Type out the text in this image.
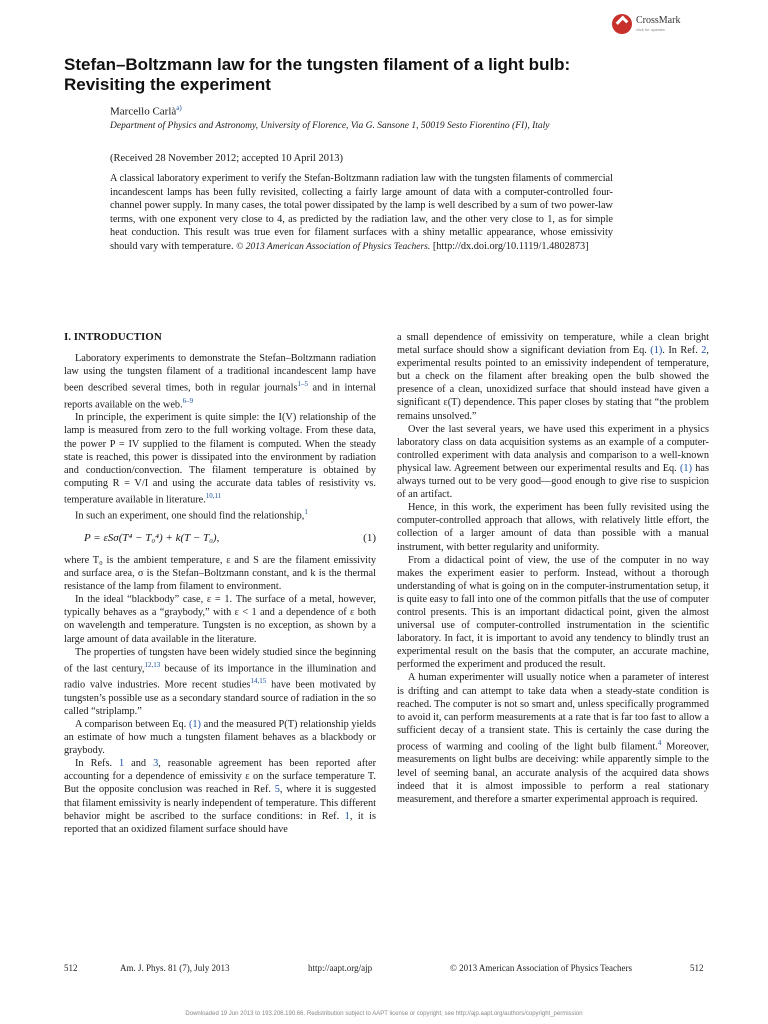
CrossMark
click for updates
Stefan–Boltzmann law for the tungsten filament of a light bulb: Revisiting the experiment
Marcello Carlà$^{a)}$
Department of Physics and Astronomy, University of Florence, Via G. Sansone 1, 50019 Sesto Fiorentino (FI), Italy
(Received 28 November 2012; accepted 10 April 2013)
A classical laboratory experiment to verify the Stefan-Boltzmann radiation law with the tungsten filaments of commercial incandescent lamps has been fully revisited, collecting a fairly large amount of data with a computer-controlled four-channel power supply. In many cases, the total power dissipated by the lamp is well described by a sum of two power-law terms, with one exponent very close to 4, as predicted by the radiation law, and the other very close to 1, as for simple heat conduction. This result was true even for filament surfaces with a shiny metallic appearance, whose emissivity should vary with temperature. © 2013 American Association of Physics Teachers. [http://dx.doi.org/10.1119/1.4802873]
I. INTRODUCTION

Laboratory experiments to demonstrate the Stefan–Boltzmann radiation law using the tungsten filament of a traditional incandescent lamp have been described several times, both in regular journals$^{1-5}$ and in internal reports available on the web.$^{6-9}$

In principle, the experiment is quite simple: the I(V) relationship of the lamp is measured from zero to the full working voltage. From these data, the power P = IV supplied to the filament is computed. When the steady state is reached, this power is dissipated into the environment by radiation and conduction/convection. The filament temperature is obtained by computing R = V/I and using the accurate data tables of resistivity vs. temperature available in literature.$^{10,11}$

In such an experiment, one should find the relationship,$^1$

P = εSσ(T⁴ − T₀⁴) + k(T − T₀),	(1)

where T₀ is the ambient temperature, ε and S are the filament emissivity and surface area, σ is the Stefan–Boltzmann constant, and k is the thermal resistance of the lamp from filament to environment.

In the ideal “blackbody” case, ε = 1. The surface of a metal, however, typically behaves as a “graybody,” with ε < 1 and a dependence of ε both on wavelength and temperature. Tungsten is no exception, as shown by a large amount of data available in the literature.

The properties of tungsten have been widely studied since the beginning of the last century,$^{12,13}$ because of its importance in the illumination and radio valve industries. More recent studies$^{14,15}$ have been motivated by tungsten’s possible use as a secondary standard source of radiation in the so called “striplamp.”

A comparison between Eq. (1) and the measured P(T) relationship yields an estimate of how much a tungsten filament behaves as a blackbody or graybody.

In Refs. 1 and 3, reasonable agreement has been reported after accounting for a dependence of emissivity ε on the surface temperature T. But the opposite conclusion was reached in Ref. 5, where it is suggested that filament emissivity is nearly independent of temperature. This different behavior might be ascribed to the surface conditions: in Ref. 1, it is reported that an oxidized filament surface should have

a small dependence of emissivity on temperature, while a clean bright metal surface should show a significant deviation from Eq. (1). In Ref. 2, experimental results pointed to an emissivity independent of temperature, but a check on the filament after breaking open the bulb showed the presence of a clean, unoxidized surface that should instead have given a significant ε(T) dependence. This paper closes by stating that “the problem remains unsolved.”

Over the last several years, we have used this experiment in a physics laboratory class on data acquisition systems as an example of a computer-controlled experiment with data analysis and comparison to a well-known physical law. Agreement between our experimental results and Eq. (1) has always turned out to be very good—good enough to give rise to suspicion of an artifact.

Hence, in this work, the experiment has been fully revisited using the computer-controlled approach that allows, with relatively little effort, the collection of a larger amount of data than possible with a manual instrument, with better regularity and uniformity.

From a didactical point of view, the use of the computer in no way makes the experiment easier to perform. Instead, without a thorough understanding of what is going on in the computer-instrumentation setup, it is quite easy to fall into one of the common pitfalls that the use of computer control presents. This is an important didactical point, given the almost universal use of computer-controlled instrumentation in the scientific laboratory. In fact, it is important to avoid any tendency to blindly trust an experimental result on the basis that the computer, an accurate machine, performed the experiment and produced the result.

A human experimenter will usually notice when a parameter of interest is drifting and can attempt to take data when a steady-state condition is reached. The computer is not so smart and, unless specifically programmed to avoid it, can perform measurements at a rate that is far too fast to allow a sufficient decay of a transient state. This is certainly the case during the process of warming and cooling of the light bulb filament.$^4$ Moreover, measurements on light bulbs are deceiving: while apparently simple to the level of seeming banal, an accurate analysis of the acquired data shows indeed that it is almost impossible to perform a real stationary measurement, and therefore a smarter experimental approach is required.

512	Am. J. Phys. 81 (7), July 2013	http://aapt.org/ajp	© 2013 American Association of Physics Teachers	512
Downloaded 19 Jun 2013 to 193.206.190.66. Redistribution subject to AAPT license or copyright; see http://ajp.aapt.org/authors/copyright_permission
